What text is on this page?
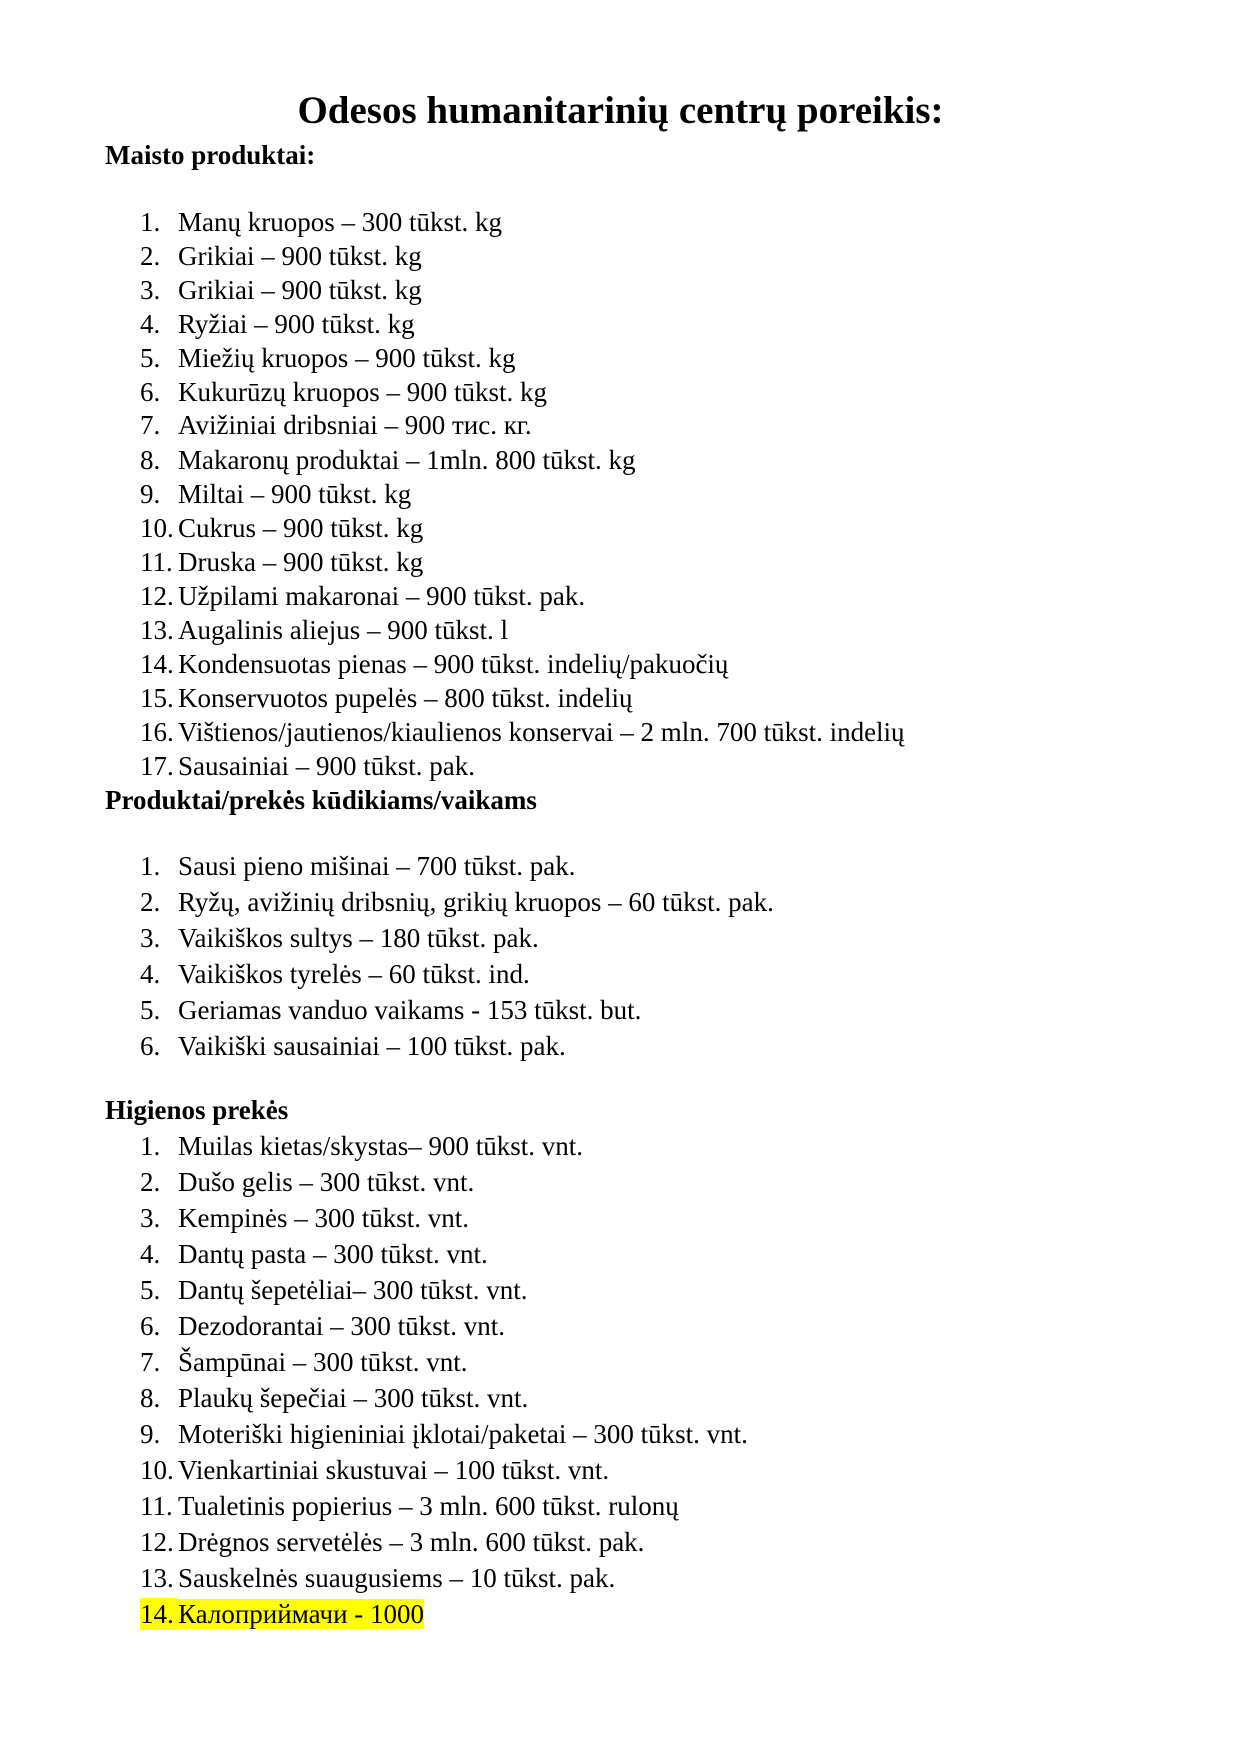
Odesos humanitarinių centrų poreikis:
Maisto produktai:
1. Manų kruopos – 300 tūkst. kg
2. Grikiai – 900 tūkst. kg
3. Grikiai – 900 tūkst. kg
4. Ryžiai – 900 tūkst. kg
5. Miežių kruopos – 900 tūkst. kg
6. Kukurūzų kruopos – 900 tūkst. kg
7. Avižiniai dribsniai – 900 тис. кг.
8. Makaronų produktai – 1mln. 800 tūkst. kg
9. Miltai – 900 tūkst. kg
10. Cukrus – 900 tūkst. kg
11. Druska – 900 tūkst. kg
12. Užpilami makaronai – 900 tūkst. pak.
13. Augalinis aliejus – 900 tūkst. l
14. Kondensuotas pienas – 900 tūkst. indelių/pakuočių
15. Konservuotos pupelės – 800 tūkst. indelių
16. Vištienos/jautienos/kiaulienos konservai – 2 mln. 700 tūkst. indelių
17. Sausainiai – 900 tūkst. pak.
Produktai/prekės kūdikiams/vaikams
1. Sausi pieno mišinai – 700 tūkst. pak.
2. Ryžų, avižinių dribsnių, grikių kruopos – 60 tūkst. pak.
3. Vaikiškos sultys – 180 tūkst. pak.
4. Vaikiškos tyrelės – 60 tūkst. ind.
5. Geriamas vanduo vaikams - 153 tūkst. but.
6. Vaikiški sausainiai – 100 tūkst. pak.
Higienos prekės
1. Muilas kietas/skystas– 900 tūkst. vnt.
2. Dušo gelis – 300 tūkst. vnt.
3. Kempinės – 300 tūkst. vnt.
4. Dantų pasta – 300 tūkst. vnt.
5. Dantų šepetėliai– 300 tūkst. vnt.
6. Dezodorantai – 300 tūkst. vnt.
7. Šampūnai – 300 tūkst. vnt.
8. Plaukų šepečiai – 300 tūkst. vnt.
9. Moteriški higieniniai įklotai/paketai – 300 tūkst. vnt.
10. Vienkartiniai skustuvai – 100 tūkst. vnt.
11. Tualetinis popierius – 3 mln. 600 tūkst. rulonų
12. Drėgnos servetėlės – 3 mln. 600 tūkst. pak.
13. Sauskelnės suaugusiems – 10 tūkst. pak.
14. Калоприймачи - 1000
